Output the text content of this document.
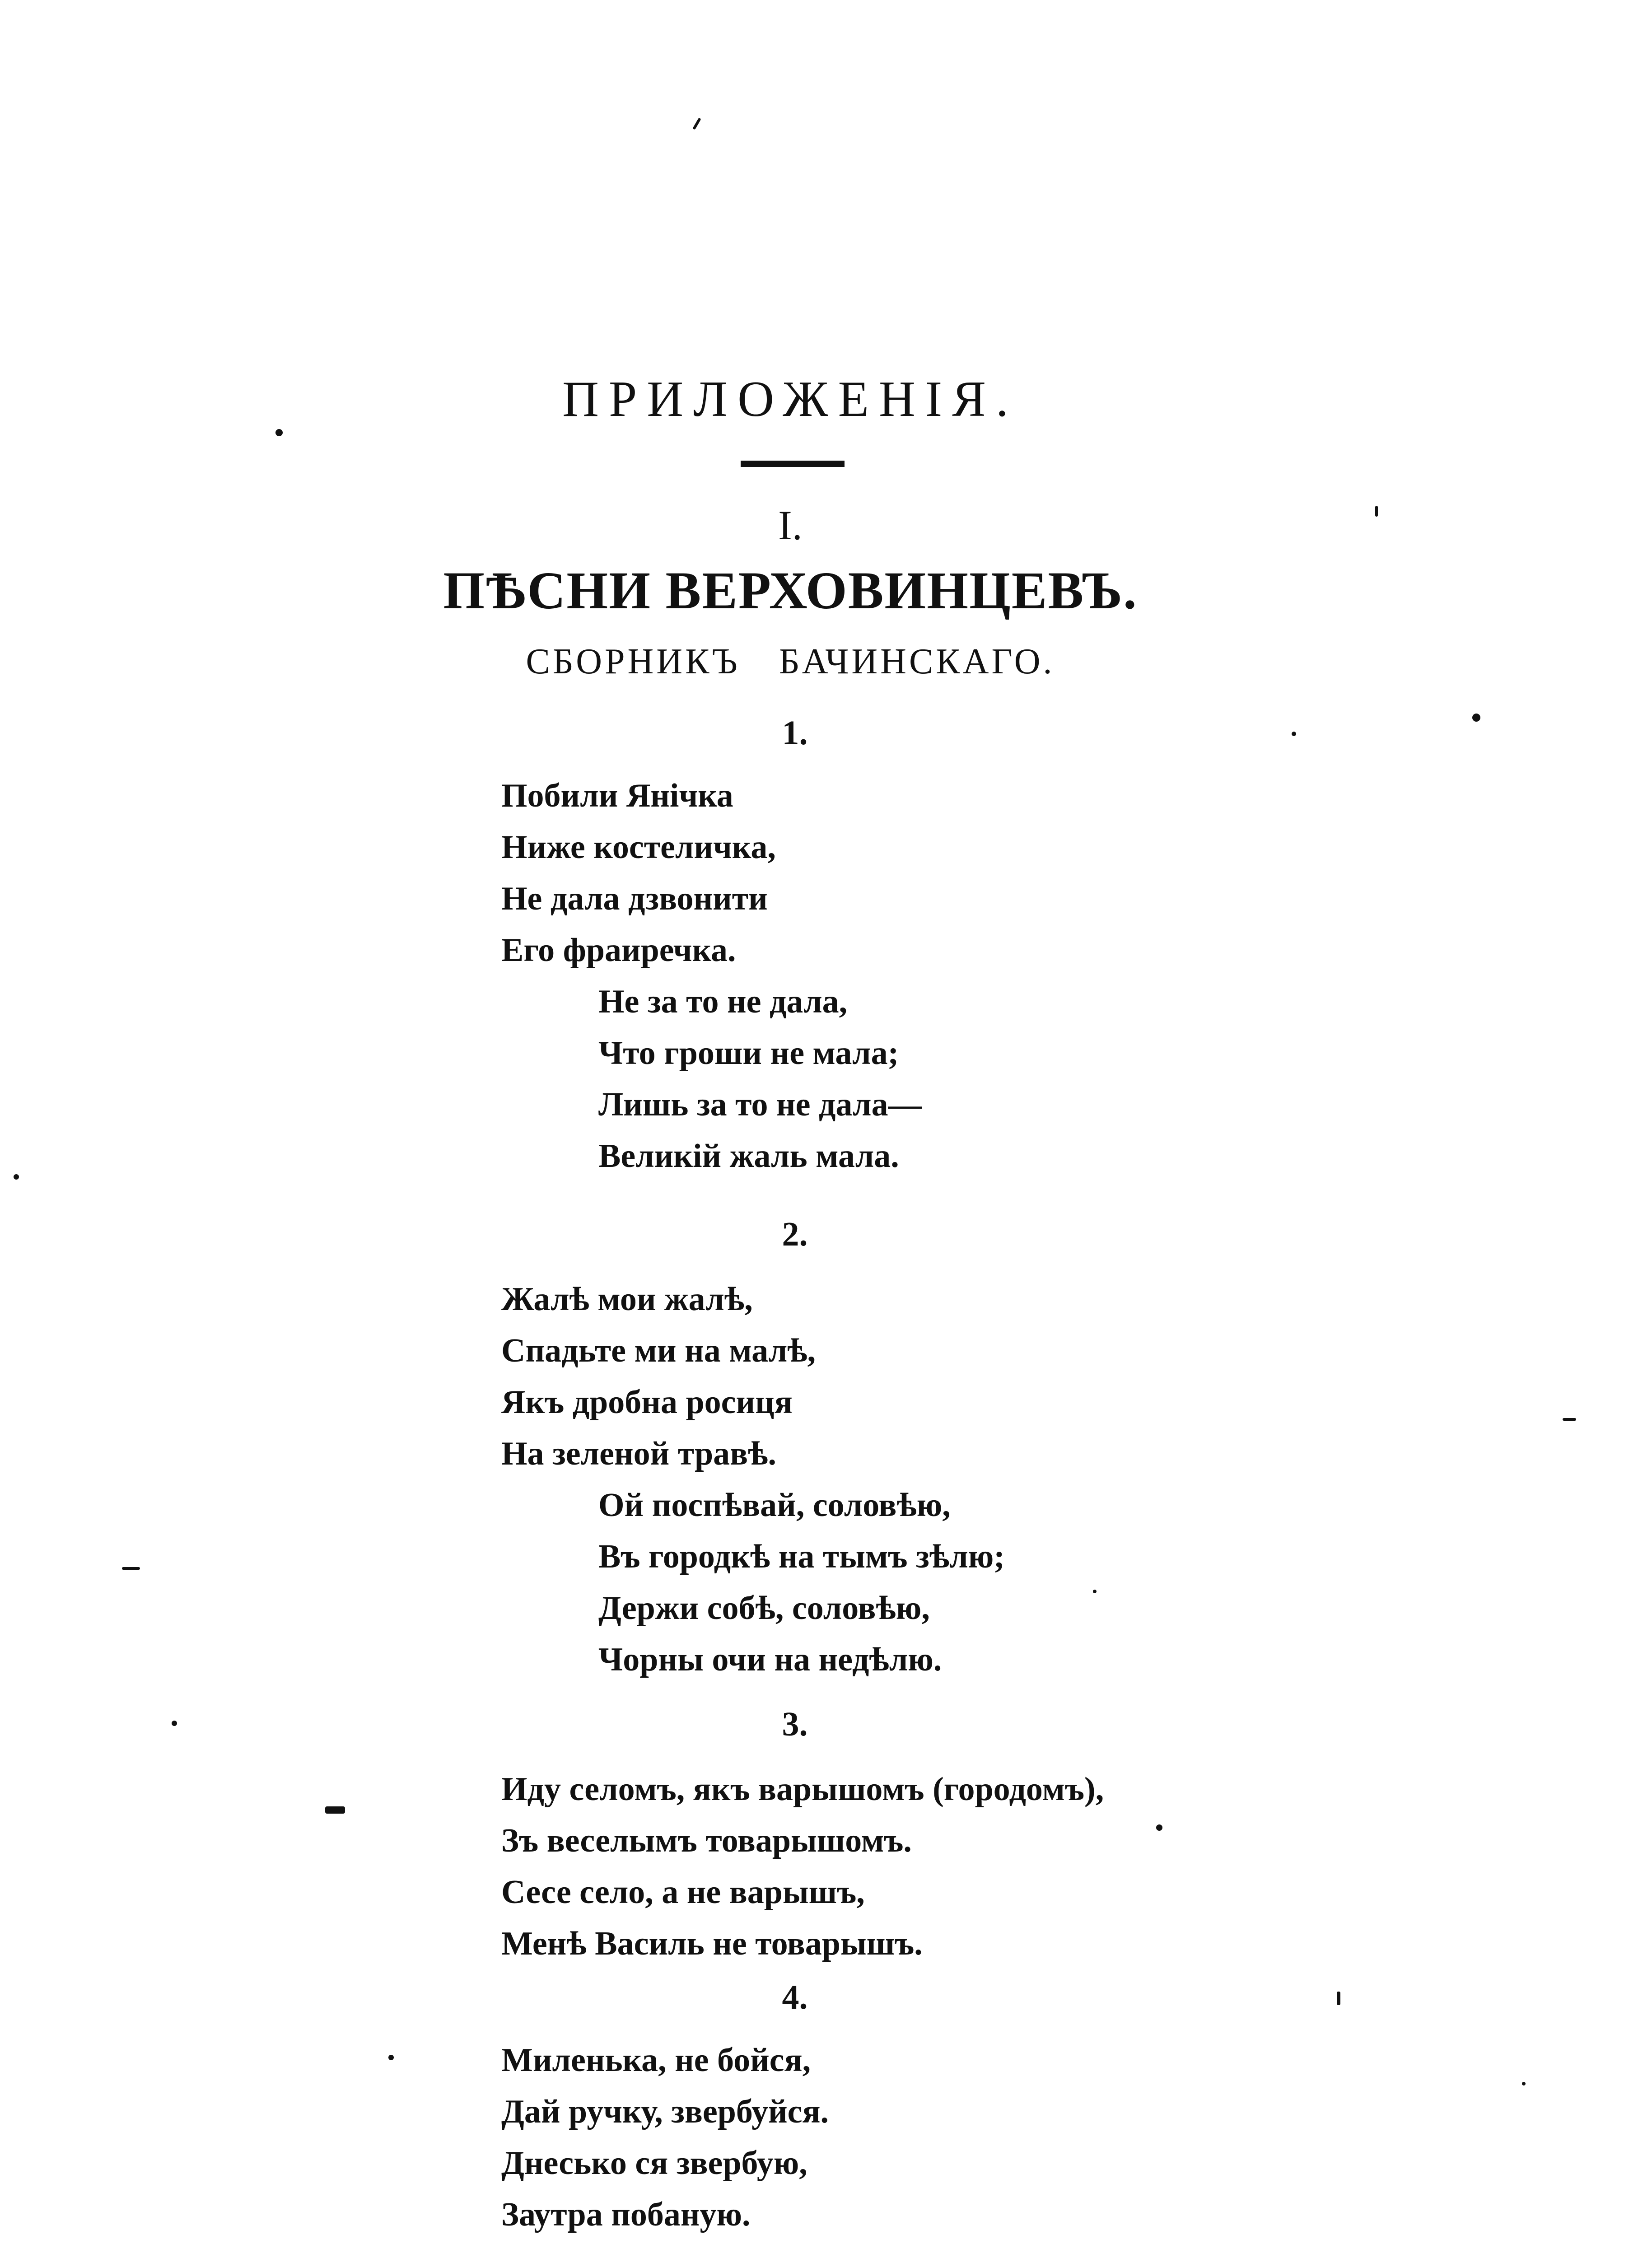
ПРИЛОЖЕНІЯ.
I.
ПѢСНИ ВЕРХОВИНЦЕВЪ.
СБОРНИКЪ БАЧИНСКАГО.
1.
Побили Янічка
Ниже костеличка,
Не дала дзвонити
Его фраиречка.
Не за то не дала,
Что гроши не мала;
Лишь за то не дала—
Великій жаль мала.
2.
Жалѣ мои жалѣ,
Спадьте ми на малѣ,
Якъ дробна росиця
На зеленой травѣ.
Ой поспѣвай, соловѣю,
Въ городкѣ на тымъ зѣлю;
Держи собѣ, соловѣю,
Чорны очи на недѣлю.
3.
Иду селомъ, якъ варышомъ (городомъ),
Зъ веселымъ товарышомъ.
Сесе село, а не варышъ,
Менѣ Василь не товарышъ.
4.
Миленька, не бойся,
Дай ручку, звербуйся.
Днесько ся звербую,
Заутра побаную.
